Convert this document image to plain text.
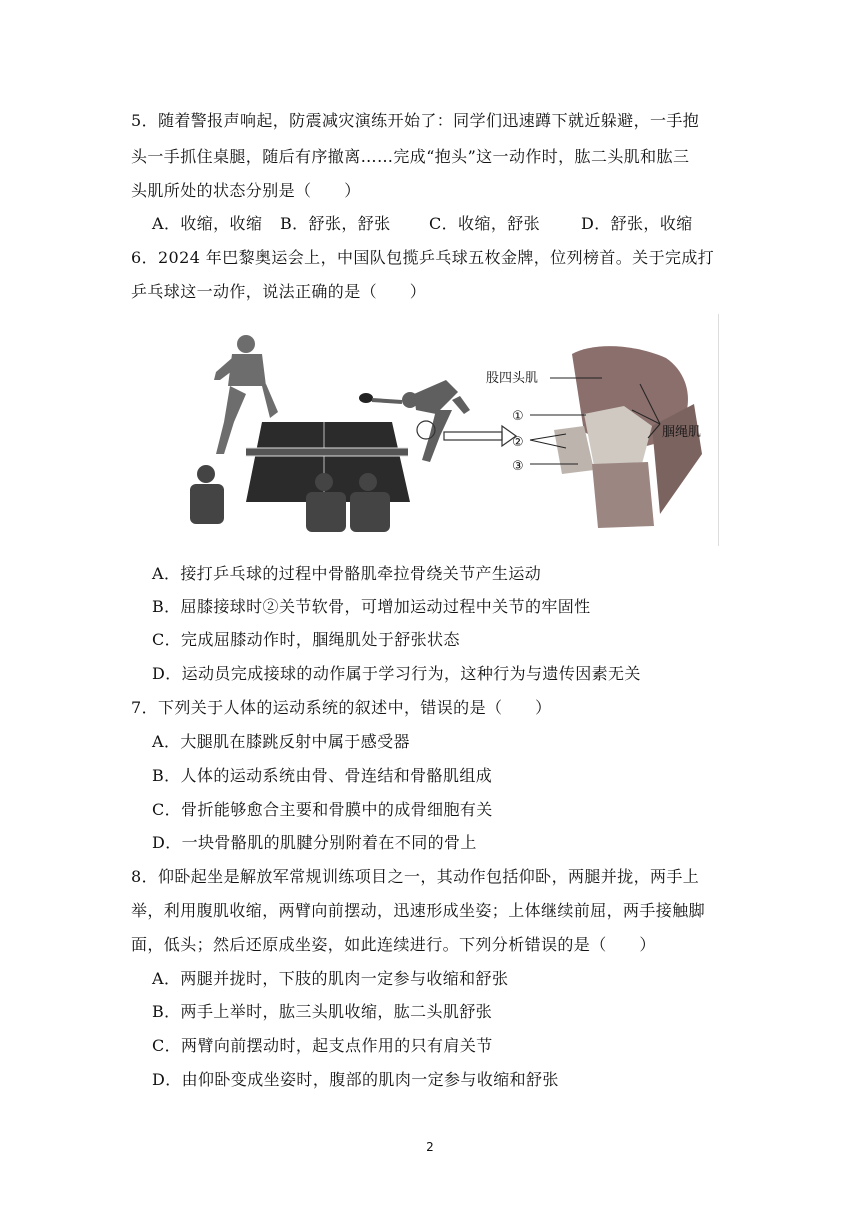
5．随着警报声响起，防震减灾演练开始了：同学们迅速蹲下就近躲避，一手抱
头一手抓住桌腿，随后有序撤离……完成“抱头”这一动作时，肱二头肌和肱三
头肌所处的状态分别是（　　）
A．收缩，收缩 B．舒张，舒张 C．收缩，舒张	D．舒张，收缩
6．2024 年巴黎奥运会上，中国队包揽乒乓球五枚金牌，位列榜首。关于完成打
乒乓球这一动作，说法正确的是（　　）
股四头肌
①
②
③
腘绳肌
A．接打乒乓球的过程中骨骼肌牵拉骨绕关节产生运动
B．屈膝接球时②关节软骨，可增加运动过程中关节的牢固性
C．完成屈膝动作时，腘绳肌处于舒张状态
D．运动员完成接球的动作属于学习行为，这种行为与遗传因素无关
7．下列关于人体的运动系统的叙述中，错误的是（　　）
A．大腿肌在膝跳反射中属于感受器
B．人体的运动系统由骨、骨连结和骨骼肌组成
C．骨折能够愈合主要和骨膜中的成骨细胞有关
D．一块骨骼肌的肌腱分别附着在不同的骨上
8．仰卧起坐是解放军常规训练项目之一，其动作包括仰卧，两腿并拢，两手上
举，利用腹肌收缩，两臂向前摆动，迅速形成坐姿；上体继续前屈，两手接触脚
面，低头；然后还原成坐姿，如此连续进行。下列分析错误的是（　　）
A．两腿并拢时，下肢的肌肉一定参与收缩和舒张
B．两手上举时，肱三头肌收缩，肱二头肌舒张
C．两臂向前摆动时，起支点作用的只有肩关节
D．由仰卧变成坐姿时，腹部的肌肉一定参与收缩和舒张
2
